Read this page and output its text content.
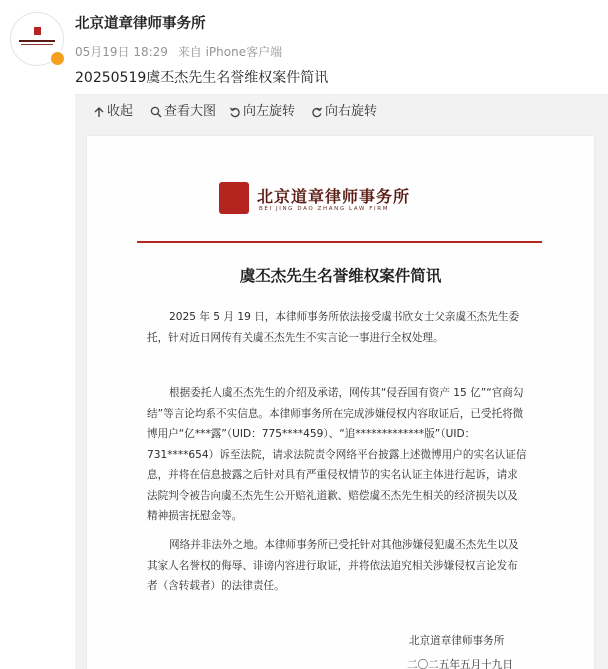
北京道章律师事务所
05月19日 18:29 来自 iPhone客户端
20250519虞丕杰先生名誉维权案件简讯
收起 查看大图 向左旋转 向右旋转
北京道章律师事务所
BEI JING DAO ZHANG LAW FIRM
虞丕杰先生名誉维权案件简讯
2025 年 5 月 19 日，本律师事务所依法接受虞书欣女士父亲虞丕杰先生委托，针对近日网传有关虞丕杰先生不实言论一事进行全权处理。
根据委托人虞丕杰先生的介绍及承诺，网传其“侵吞国有资产 15 亿”“官商勾结”等言论均系不实信息。本律师事务所在完成涉嫌侵权内容取证后，已受托将微博用户“亿***露”（UID：775****459）、“追*************版”（UID：731****654）诉至法院，请求法院责令网络平台披露上述微博用户的实名认证信息，并将在信息披露之后针对具有严重侵权情节的实名认证主体进行起诉，请求法院判令被告向虞丕杰先生公开赔礼道歉、赔偿虞丕杰先生相关的经济损失以及精神损害抚慰金等。
网络并非法外之地。本律师事务所已受托针对其他涉嫌侵犯虞丕杰先生以及其家人名誉权的侮辱、诽谤内容进行取证，并将依法追究相关涉嫌侵权言论发布者（含转载者）的法律责任。
北京道章律师事务所
二〇二五年五月十九日
